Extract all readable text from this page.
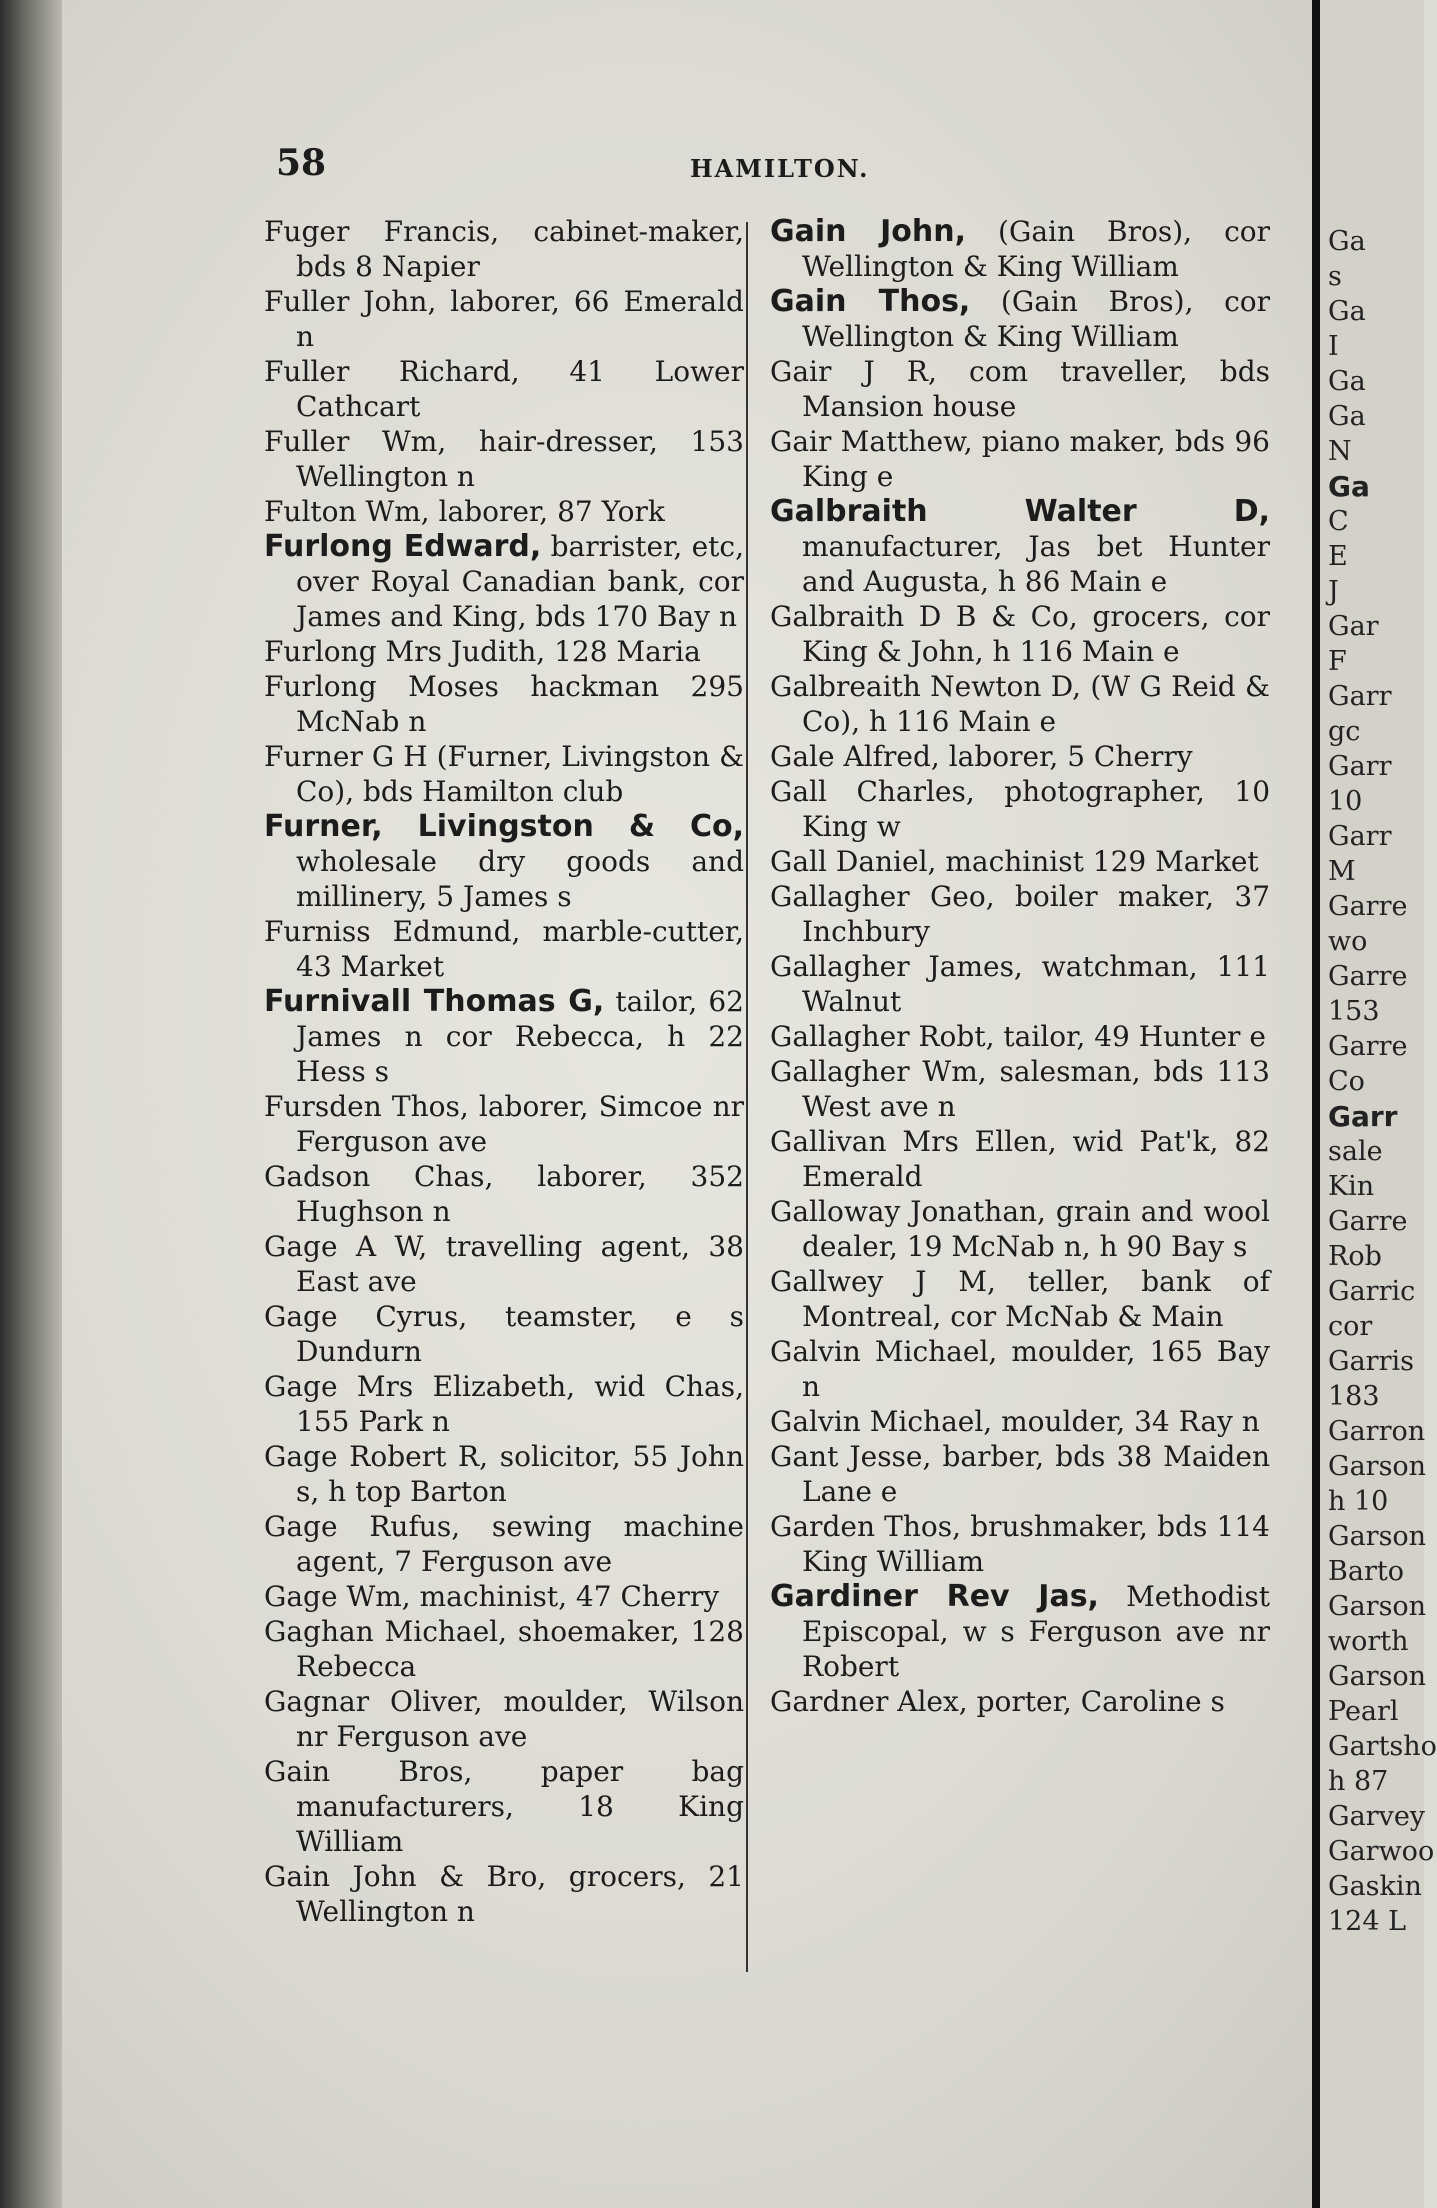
58	HAMILTON.

Fuger Francis, cabinet-maker, bds 8 Napier

Fuller John, laborer, 66 Emerald n

Fuller Richard, 41 Lower Cathcart

Fuller Wm, hair-dresser, 153 Wellington n

Fulton Wm, laborer, 87 York

Furlong Edward, barrister, etc, over Royal Canadian bank, cor James and King, bds 170 Bay n

Furlong Mrs Judith, 128 Maria

Furlong Moses hackman 295 McNab n

Furner G H (Furner, Livingston & Co), bds Hamilton club

Furner, Livingston & Co, wholesale dry goods and millinery, 5 James s

Furniss Edmund, marble-cutter, 43 Market

Furnivall Thomas G, tailor, 62 James n cor Rebecca, h 22 Hess s

Fursden Thos, laborer, Simcoe nr Ferguson ave

Gadson Chas, laborer, 352 Hughson n

Gage A W, travelling agent, 38 East ave

Gage Cyrus, teamster, e s Dundurn

Gage Mrs Elizabeth, wid Chas, 155 Park n

Gage Robert R, solicitor, 55 John s, h top Barton

Gage Rufus, sewing machine agent, 7 Ferguson ave

Gage Wm, machinist, 47 Cherry

Gaghan Michael, shoemaker, 128 Rebecca

Gagnar Oliver, moulder, Wilson nr Ferguson ave

Gain Bros, paper bag manufacturers, 18 King William

Gain John & Bro, grocers, 21 Wellington n

Gain John, (Gain Bros), cor Wellington & King William

Gain Thos, (Gain Bros), cor Wellington & King William

Gair J R, com traveller, bds Mansion house

Gair Matthew, piano maker, bds 96 King e

Galbraith Walter D, manufacturer, Jas bet Hunter and Augusta, h 86 Main e

Galbraith D B & Co, grocers, cor King & John, h 116 Main e

Galbreaith Newton D, (W G Reid & Co), h 116 Main e

Gale Alfred, laborer, 5 Cherry

Gall Charles, photographer, 10 King w

Gall Daniel, machinist 129 Market

Gallagher Geo, boiler maker, 37 Inchbury

Gallagher James, watchman, 111 Walnut

Gallagher Robt, tailor, 49 Hunter e

Gallagher Wm, salesman, bds 113 West ave n

Gallivan Mrs Ellen, wid Pat'k, 82 Emerald

Galloway Jonathan, grain and wool dealer, 19 McNab n, h 90 Bay s

Gallwey J M, teller, bank of Montreal, cor McNab & Main

Galvin Michael, moulder, 165 Bay n

Galvin Michael, moulder, 34 Ray n

Gant Jesse, barber, bds 38 Maiden Lane e

Garden Thos, brushmaker, bds 114 King William

Gardiner Rev Jas, Methodist Episcopal, w s Ferguson ave nr Robert

Gardner Alex, porter, Caroline s

Ga
s
Ga
I
Ga
Ga
N
Ga
C
E
J
Gar
F
Garr
gc
Garr
10
Garr
M
Garre
wo
Garre
153
Garre
Co
Garr
sale
Kin
Garre
Rob
Garric
cor
Garris
183
Garron
Garson
h 10
Garson
Barto
Garson
worth
Garson
Pearl
Gartsho
h 87
Garvey
Garwoo
Gaskin
124 L
